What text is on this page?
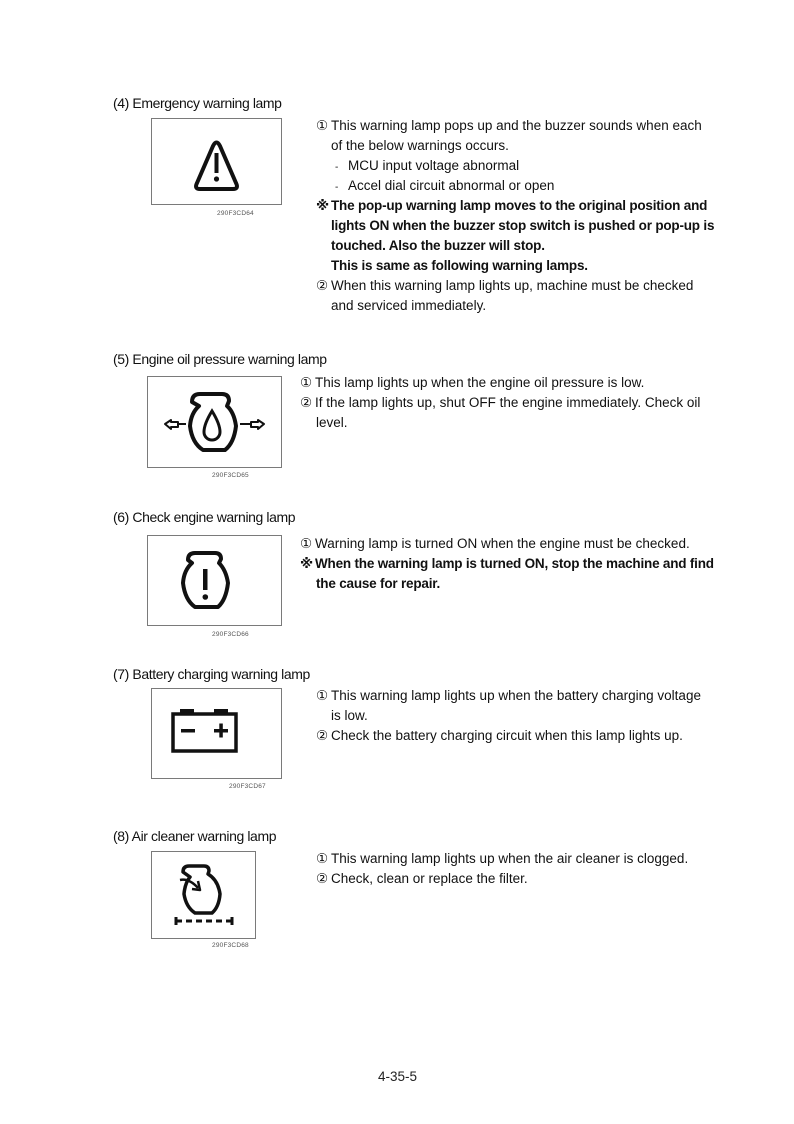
(4) Emergency warning lamp
290F3CD64
① This warning lamp pops up and the buzzer sounds when each
of the below warnings occurs.
- MCU input voltage abnormal
- Accel dial circuit abnormal or open
※ The pop-up warning lamp moves to the original position and
lights ON when the buzzer stop switch is pushed or pop-up is
touched. Also the buzzer will stop.
This is same as following warning lamps.
② When this warning lamp lights up, machine must be checked
and serviced immediately.
(5) Engine oil pressure warning lamp
290F3CD65
① This lamp lights up when the engine oil pressure is low.
② If the lamp lights up, shut OFF the engine immediately. Check oil
level.
(6) Check engine warning lamp
290F3CD66
① Warning lamp is turned ON when the engine must be checked.
※ When the warning lamp is turned ON, stop the machine and find
the cause for repair.
(7) Battery charging warning lamp
290F3CD67
① This warning lamp lights up when the battery charging voltage
is low.
② Check the battery charging circuit when this lamp lights up.
(8) Air cleaner warning lamp
290F3CD68
① This warning lamp lights up when the air cleaner is clogged.
② Check, clean or replace the filter.
4-35-5
